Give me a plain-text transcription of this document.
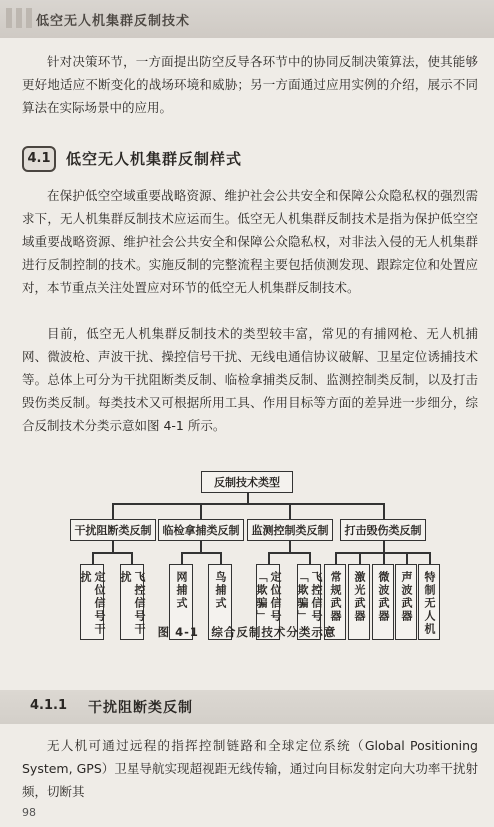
低空无人机集群反制技术
针对决策环节，一方面提出防空反导各环节中的协同反制决策算法，使其能够更好地适应不断变化的战场环境和威胁；另一方面通过应用实例的介绍，展示不同算法在实际场景中的应用。
4.1	低空无人机集群反制样式
在保护低空空域重要战略资源、维护社会公共安全和保障公众隐私权的强烈需求下，无人机集群反制技术应运而生。低空无人机集群反制技术是指为保护低空空域重要战略资源、维护社会公共安全和保障公众隐私权，对非法入侵的无人机集群进行反制控制的技术。实施反制的完整流程主要包括侦测发现、跟踪定位和处置应对，本节重点关注处置应对环节的低空无人机集群反制技术。
目前，低空无人机集群反制技术的类型较丰富，常见的有捕网枪、无人机捕网、微波枪、声波干扰、操控信号干扰、无线电通信协议破解、卫星定位诱捕技术等。总体上可分为干扰阻断类反制、临检拿捕类反制、监测控制类反制，以及打击毁伤类反制。每类技术又可根据所用工具、作用目标等方面的差异进一步细分，综合反制技术分类示意如图 4-1 所示。
反制技术类型
干扰阻断类反制	临检拿捕类反制	监测控制类反制	打击毁伤类反制
定位信号干扰	飞控信号干扰	网捕式	鸟捕式	定位信号「欺骗」	飞控信号「欺骗」	常规武器	激光武器	微波武器 声波武器 特制无人机
图 4-1　综合反制技术分类示意
4.1.1 干扰阻断类反制
无人机可通过远程的指挥控制链路和全球定位系统（Global Positioning System, GPS）卫星导航实现超视距无线传输，通过向目标发射定向大功率干扰射频，切断其
98
